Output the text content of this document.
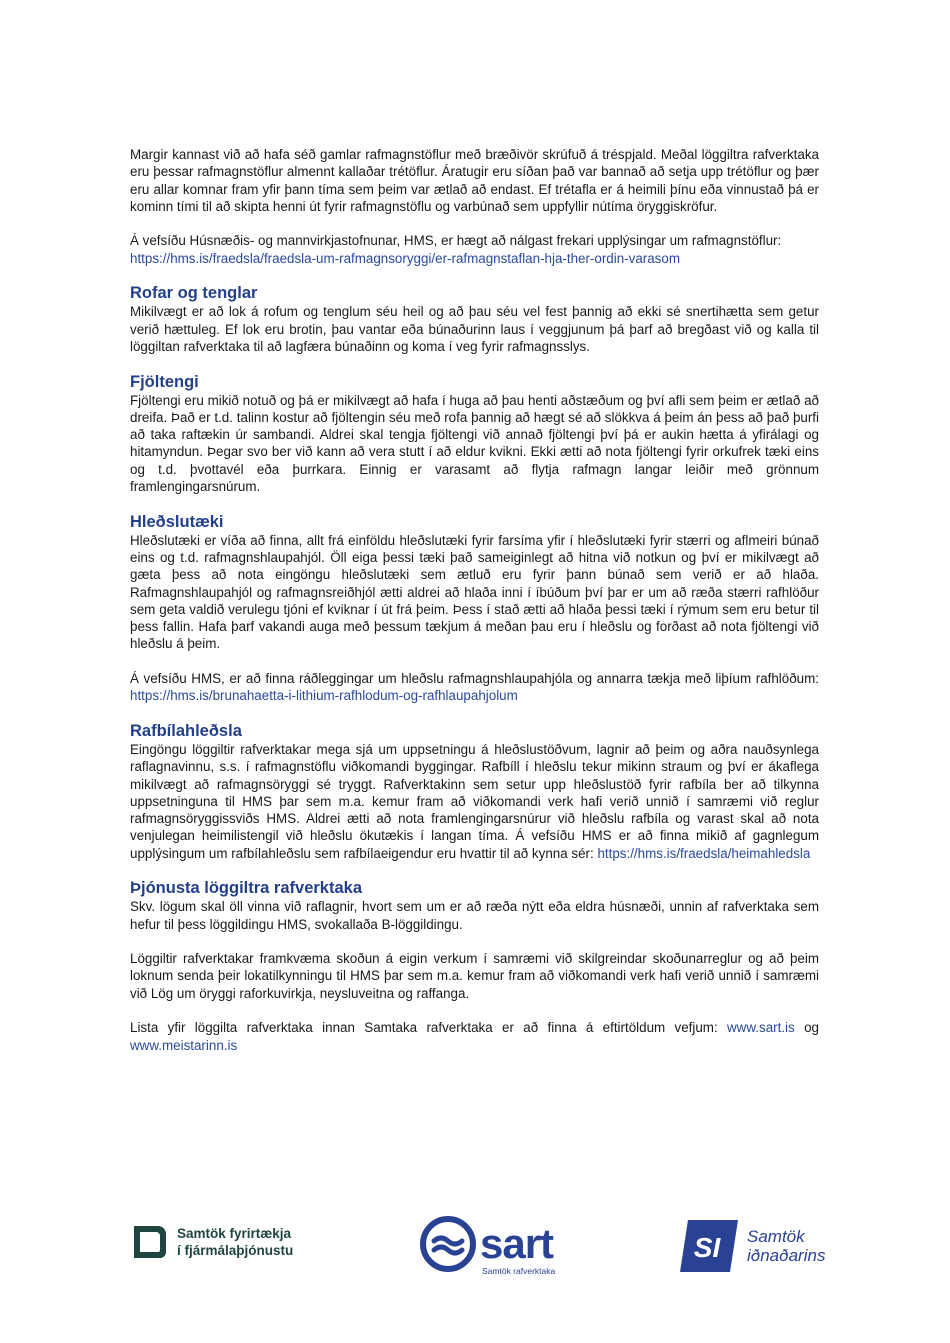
Margir kannast við að hafa séð gamlar rafmagnstöflur með bræðivör skrúfuð á tréspjald. Meðal löggiltra rafverktaka eru þessar rafmagnstöflur almennt kallaðar trétöflur. Áratugir eru síðan það var bannað að setja upp trétöflur og þær eru allar komnar fram yfir þann tíma sem þeim var ætlað að endast. Ef trétafla er á heimili þínu eða vinnustað þá er kominn tími til að skipta henni út fyrir rafmagnstöflu og varbúnað sem uppfyllir nútíma öryggiskröfur.

Á vefsíðu Húsnæðis- og mannvirkjastofnunar, HMS, er hægt að nálgast frekari upplýsingar um rafmagnstöflur:
https://hms.is/fraedsla/fraedsla-um-rafmagnsoryggi/er-rafmagnstaflan-hja-ther-ordin-varasom

Rofar og tenglar

Mikilvægt er að lok á rofum og tenglum séu heil og að þau séu vel fest þannig að ekki sé snertihætta sem getur verið hættuleg. Ef lok eru brotin, þau vantar eða búnaðurinn laus í veggjunum þá þarf að bregðast við og kalla til löggiltan rafverktaka til að lagfæra búnaðinn og koma í veg fyrir rafmagnsslys.

Fjöltengi

Fjöltengi eru mikið notuð og þá er mikilvægt að hafa í huga að þau henti aðstæðum og því afli sem þeim er ætlað að dreifa. Það er t.d. talinn kostur að fjöltengin séu með rofa þannig að hægt sé að slökkva á þeim án þess að það þurfi að taka raftækin úr sambandi. Aldrei skal tengja fjöltengi við annað fjöltengi því þá er aukin hætta á yfirálagi og hitamyndun. Þegar svo ber við kann að vera stutt í að eldur kvikni. Ekki ætti að nota fjöltengi fyrir orkufrek tæki eins og t.d. þvottavél eða þurrkara. Einnig er varasamt að flytja rafmagn langar leiðir með grönnum framlengingarsnúrum.

Hleðslutæki

Hleðslutæki er víða að finna, allt frá einföldu hleðslutæki fyrir farsíma yfir í hleðslutæki fyrir stærri og aflmeiri búnað eins og t.d. rafmagnshlaupahjól. Öll eiga þessi tæki það sameiginlegt að hitna við notkun og því er mikilvægt að gæta þess að nota eingöngu hleðslutæki sem ætluð eru fyrir þann búnað sem verið er að hlaða. Rafmagnshlaupahjól og rafmagnsreiðhjól ætti aldrei að hlaða inni í íbúðum því þar er um að ræða stærri rafhlöður sem geta valdið verulegu tjóni ef kviknar í út frá þeim. Þess í stað ætti að hlaða þessi tæki í rýmum sem eru betur til þess fallin. Hafa þarf vakandi auga með þessum tækjum á meðan þau eru í hleðslu og forðast að nota fjöltengi við hleðslu á þeim.

Á vefsíðu HMS, er að finna ráðleggingar um hleðslu rafmagnshlaupahjóla og annarra tækja með liþíum rafhlöðum: https://hms.is/brunahaetta-i-lithium-rafhlodum-og-rafhlaupahjolum

Rafbílahleðsla

Eingöngu löggiltir rafverktakar mega sjá um uppsetningu á hleðslustöðvum, lagnir að þeim og aðra nauðsynlega raflagnavinnu, s.s. í rafmagnstöflu viðkomandi byggingar. Rafbíll í hleðslu tekur mikinn straum og því er ákaflega mikilvægt að rafmagnsöryggi sé tryggt. Rafverktakinn sem setur upp hleðslustöð fyrir rafbíla ber að tilkynna uppsetninguna til HMS þar sem m.a. kemur fram að viðkomandi verk hafi verið unnið í samræmi við reglur rafmagnsöryggissviðs HMS. Aldrei ætti að nota framlengingarsnúrur við hleðslu rafbíla og varast skal að nota venjulegan heimilistengil við hleðslu ökutækis í langan tíma. Á vefsíðu HMS er að finna mikið af gagnlegum upplýsingum um rafbílahleðslu sem rafbílaeigendur eru hvattir til að kynna sér: https://hms.is/fraedsla/heimahledsla

Þjónusta löggiltra rafverktaka

Skv. lögum skal öll vinna við raflagnir, hvort sem um er að ræða nýtt eða eldra húsnæði, unnin af rafverktaka sem hefur til þess löggildingu HMS, svokallaða B-löggildingu.

Löggiltir rafverktakar framkvæma skoðun á eigin verkum í samræmi við skilgreindar skoðunarreglur og að þeim loknum senda þeir lokatilkynningu til HMS þar sem m.a. kemur fram að viðkomandi verk hafi verið unnið í samræmi við Lög um öryggi raforkuvirkja, neysluveitna og raffanga.

Lista yfir löggilta rafverktaka innan Samtaka rafverktaka er að finna á eftirtöldum vefjum: www.sart.is og www.meistarinn.is

Samtök fyrirtækja
í fjármálaþjónustu	sart
Samtök rafverktaka
SI Samtök
iðnaðarins
